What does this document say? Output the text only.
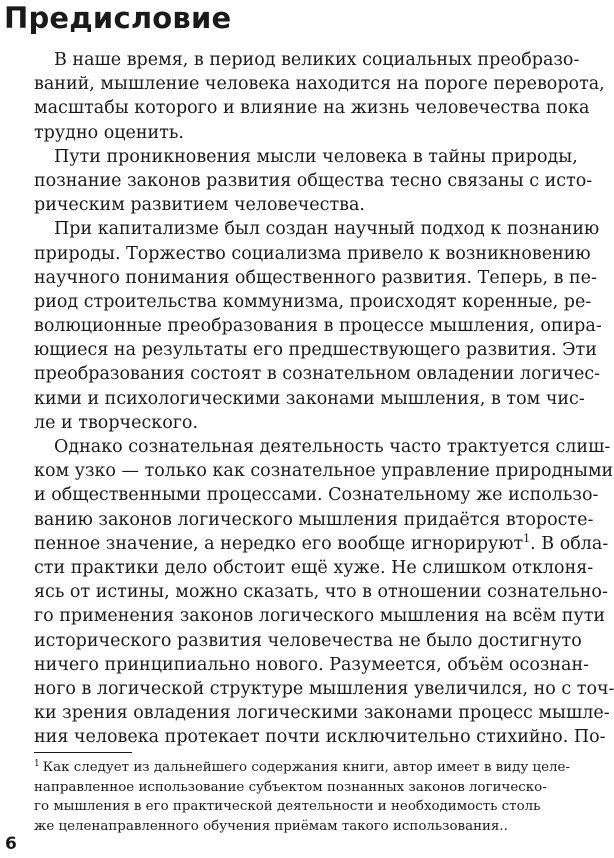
Предисловие
В наше время, в период великих социальных преобразо-
ваний, мышление человека находится на пороге переворота,
масштабы которого и влияние на жизнь человечества пока
трудно оценить.
Пути проникновения мысли человека в тайны природы,
познание законов развития общества тесно связаны с исто-
рическим развитием человечества.
При капитализме был создан научный подход к познанию
природы. Торжество социализма привело к возникновению
научного понимания общественного развития. Теперь, в пе-
риод строительства коммунизма, происходят коренные, ре-
волюционные преобразования в процессе мышления, опира-
ющиеся на результаты его предшествующего развития. Эти
преобразования состоят в сознательном овладении логичес-
кими и психологическими законами мышления, в том чис-
ле и творческого.
Однако сознательная деятельность часто трактуется слиш-
ком узко — только как сознательное управление природными
и общественными процессами. Сознательному же использо-
ванию законов логического мышления придаётся второсте-
пенное значение, а нередко его вообще игнорируют$^1$. В обла-
сти практики дело обстоит ещё хуже. Не слишком отклоня-
ясь от истины, можно сказать, что в отношении сознательно-
го применения законов логического мышления на всём пути
исторического развития человечества не было достигнуто
ничего принципиально нового. Разумеется, объём осознан-
ного в логической структуре мышления увеличился, но с точ-
ки зрения овладения логическими законами процесс мышле-
ния человека протекает почти исключительно стихийно. По-
$^1$ Как следует из дальнейшего содержания книги, автор имеет в виду целе-
направленное использование субъектом познанных законов логическо-
го мышления в его практической деятельности и необходимость столь
же целенаправленного обучения приёмам такого использования..
6
